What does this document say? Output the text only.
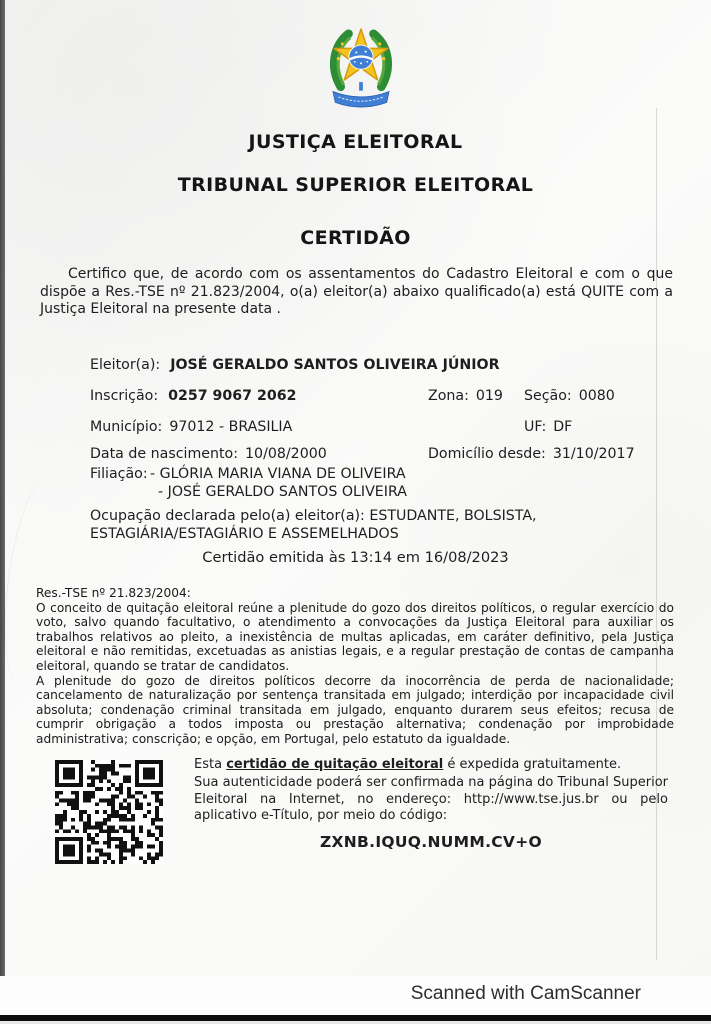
JUSTIÇA ELEITORAL
TRIBUNAL SUPERIOR ELEITORAL
CERTIDÃO

Certifico que, de acordo com os assentamentos do Cadastro Eleitoral e com o que dispõe a Res.-TSE nº 21.823/2004, o(a) eleitor(a) abaixo qualificado(a) está QUITE com a Justiça Eleitoral na presente data .

Eleitor(a): JOSÉ GERALDO SANTOS OLIVEIRA JÚNIOR
Inscrição: 0257 9067 2062	Zona: 019 Seção: 0080
Município: 97012 - BRASILIA	UF: DF
Data de nascimento: 10/08/2000	Domicílio desde: 31/10/2017
Filiação: - GLÓRIA MARIA VIANA DE OLIVEIRA
- JOSÉ GERALDO SANTOS OLIVEIRA
Ocupação declarada pelo(a) eleitor(a): ESTUDANTE, BOLSISTA, ESTAGIÁRIA/ESTAGIÁRIO E ASSEMELHADOS
Certidão emitida às 13:14 em 16/08/2023
Res.-TSE nº 21.823/2004:
O conceito de quitação eleitoral reúne a plenitude do gozo dos direitos políticos, o regular exercício do voto, salvo quando facultativo, o atendimento a convocações da Justiça Eleitoral para auxiliar os trabalhos relativos ao pleito, a inexistência de multas aplicadas, em caráter definitivo, pela Justiça eleitoral e não remitidas, excetuadas as anistias legais, e a regular prestação de contas de campanha eleitoral, quando se tratar de candidatos.
A plenitude do gozo de direitos políticos decorre da inocorrência de perda de nacionalidade; cancelamento de naturalização por sentença transitada em julgado; interdição por incapacidade civil absoluta; condenação criminal transitada em julgado, enquanto durarem seus efeitos; recusa de cumprir obrigação a todos imposta ou prestação alternativa; condenação por improbidade administrativa; conscrição; e opção, em Portugal, pelo estatuto da igualdade.
Esta certidão de quitação eleitoral é expedida gratuitamente.
Sua autenticidade poderá ser confirmada na página do Tribunal Superior Eleitoral na Internet, no endereço: http://www.tse.jus.br ou pelo aplicativo e-Título, por meio do código:
ZXNB.IQUQ.NUMM.CV+O
Scanned with CamScanner
